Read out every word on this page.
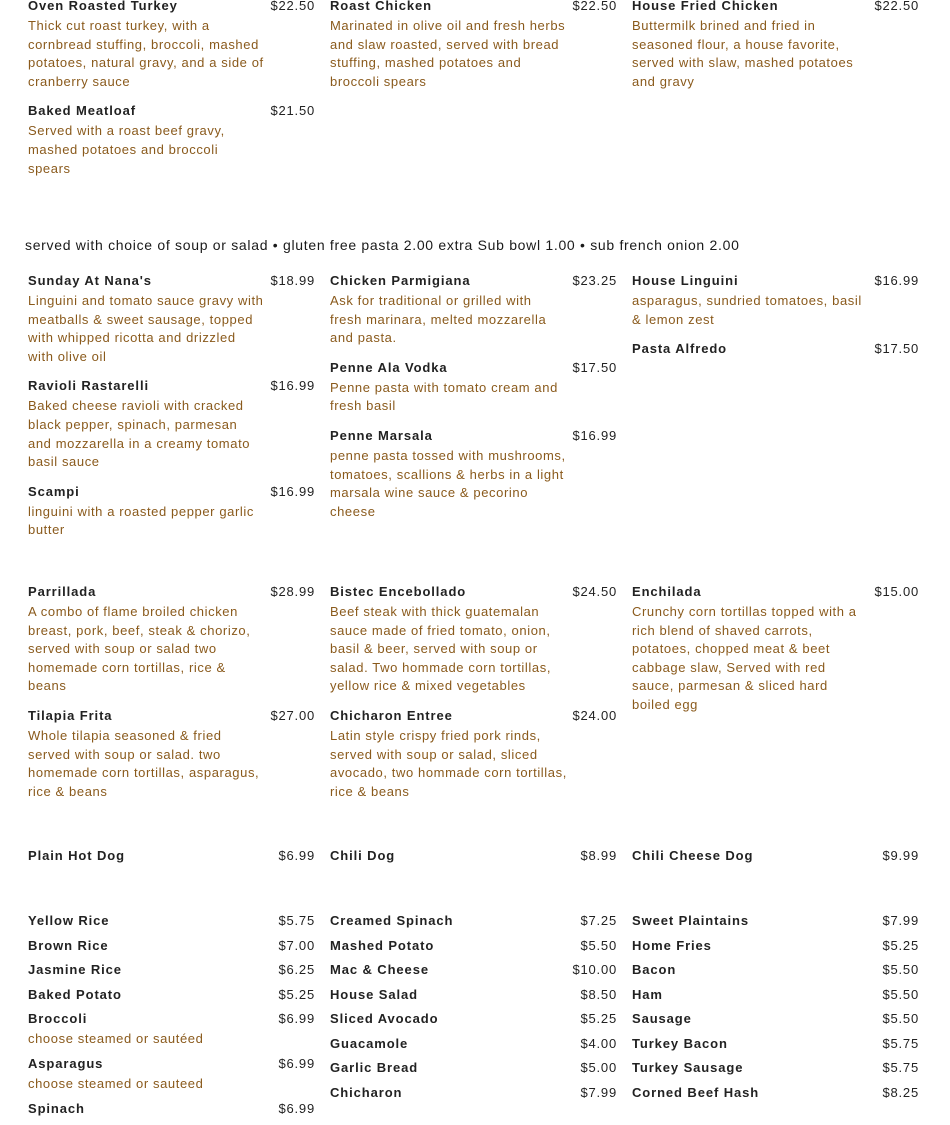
Oven Roasted Turkey	$22.50
Thick cut roast turkey, with a cornbread stuffing, broccoli, mashed potatoes, natural gravy, and a side of cranberry sauce
Baked Meatloaf	$21.50
Served with a roast beef gravy, mashed potatoes and broccoli spears
Roast Chicken	$22.50
Marinated in olive oil and fresh herbs and slaw roasted, served with bread stuffing, mashed potatoes and broccoli spears
House Fried Chicken	$22.50
Buttermilk brined and fried in seasoned flour, a house favorite, served with slaw, mashed potatoes and gravy
served with choice of soup or salad • gluten free pasta 2.00 extra Sub bowl 1.00 • sub french onion 2.00
Sunday At Nana's	$18.99
Linguini and tomato sauce gravy with meatballs & sweet sausage, topped with whipped ricotta and drizzled with olive oil
Ravioli Rastarelli	$16.99
Baked cheese ravioli with cracked black pepper, spinach, parmesan and mozzarella in a creamy tomato basil sauce
Scampi	$16.99
linguini with a roasted pepper garlic butter
Chicken Parmigiana	$23.25
Ask for traditional or grilled with fresh marinara, melted mozzarella and pasta.
Penne Ala Vodka	$17.50
Penne pasta with tomato cream and fresh basil
Penne Marsala	$16.99
penne pasta tossed with mushrooms, tomatoes, scallions & herbs in a light marsala wine sauce & pecorino cheese
House Linguini	$16.99
asparagus, sundried tomatoes, basil & lemon zest
Pasta Alfredo	$17.50
Parrillada	$28.99
A combo of flame broiled chicken breast, pork, beef, steak & chorizo, served with soup or salad two homemade corn tortillas, rice & beans
Tilapia Frita	$27.00
Whole tilapia seasoned & fried served with soup or salad. two homemade corn tortillas, asparagus, rice & beans
Bistec Encebollado	$24.50
Beef steak with thick guatemalan sauce made of fried tomato, onion, basil & beer, served with soup or salad. Two hommade corn tortillas, yellow rice & mixed vegetables
Chicharon Entree	$24.00
Latin style crispy fried pork rinds, served with soup or salad, sliced avocado, two hommade corn tortillas, rice & beans
Enchilada	$15.00
Crunchy corn tortillas topped with a rich blend of shaved carrots, potatoes, chopped meat & beet cabbage slaw, Served with red sauce, parmesan & sliced hard boiled egg
Plain Hot Dog	$6.99 Chili Dog	$8.99 Chili Cheese Dog	$9.99
Yellow Rice	$5.75
Brown Rice	$7.00
Jasmine Rice	$6.25
Baked Potato	$5.25
Broccoli	$6.99
choose steamed or sautéed
Asparagus	$6.99
choose steamed or sauteed
Spinach	$6.99
Creamed Spinach	$7.25
Mashed Potato	$5.50
Mac & Cheese	$10.00
House Salad	$8.50
Sliced Avocado	$5.25
Guacamole	$4.00
Garlic Bread	$5.00
Chicharon	$7.99
Sweet Plaintains	$7.99
Home Fries	$5.25
Bacon	$5.50
Ham	$5.50
Sausage	$5.50
Turkey Bacon	$5.75
Turkey Sausage	$5.75
Corned Beef Hash	$8.25
